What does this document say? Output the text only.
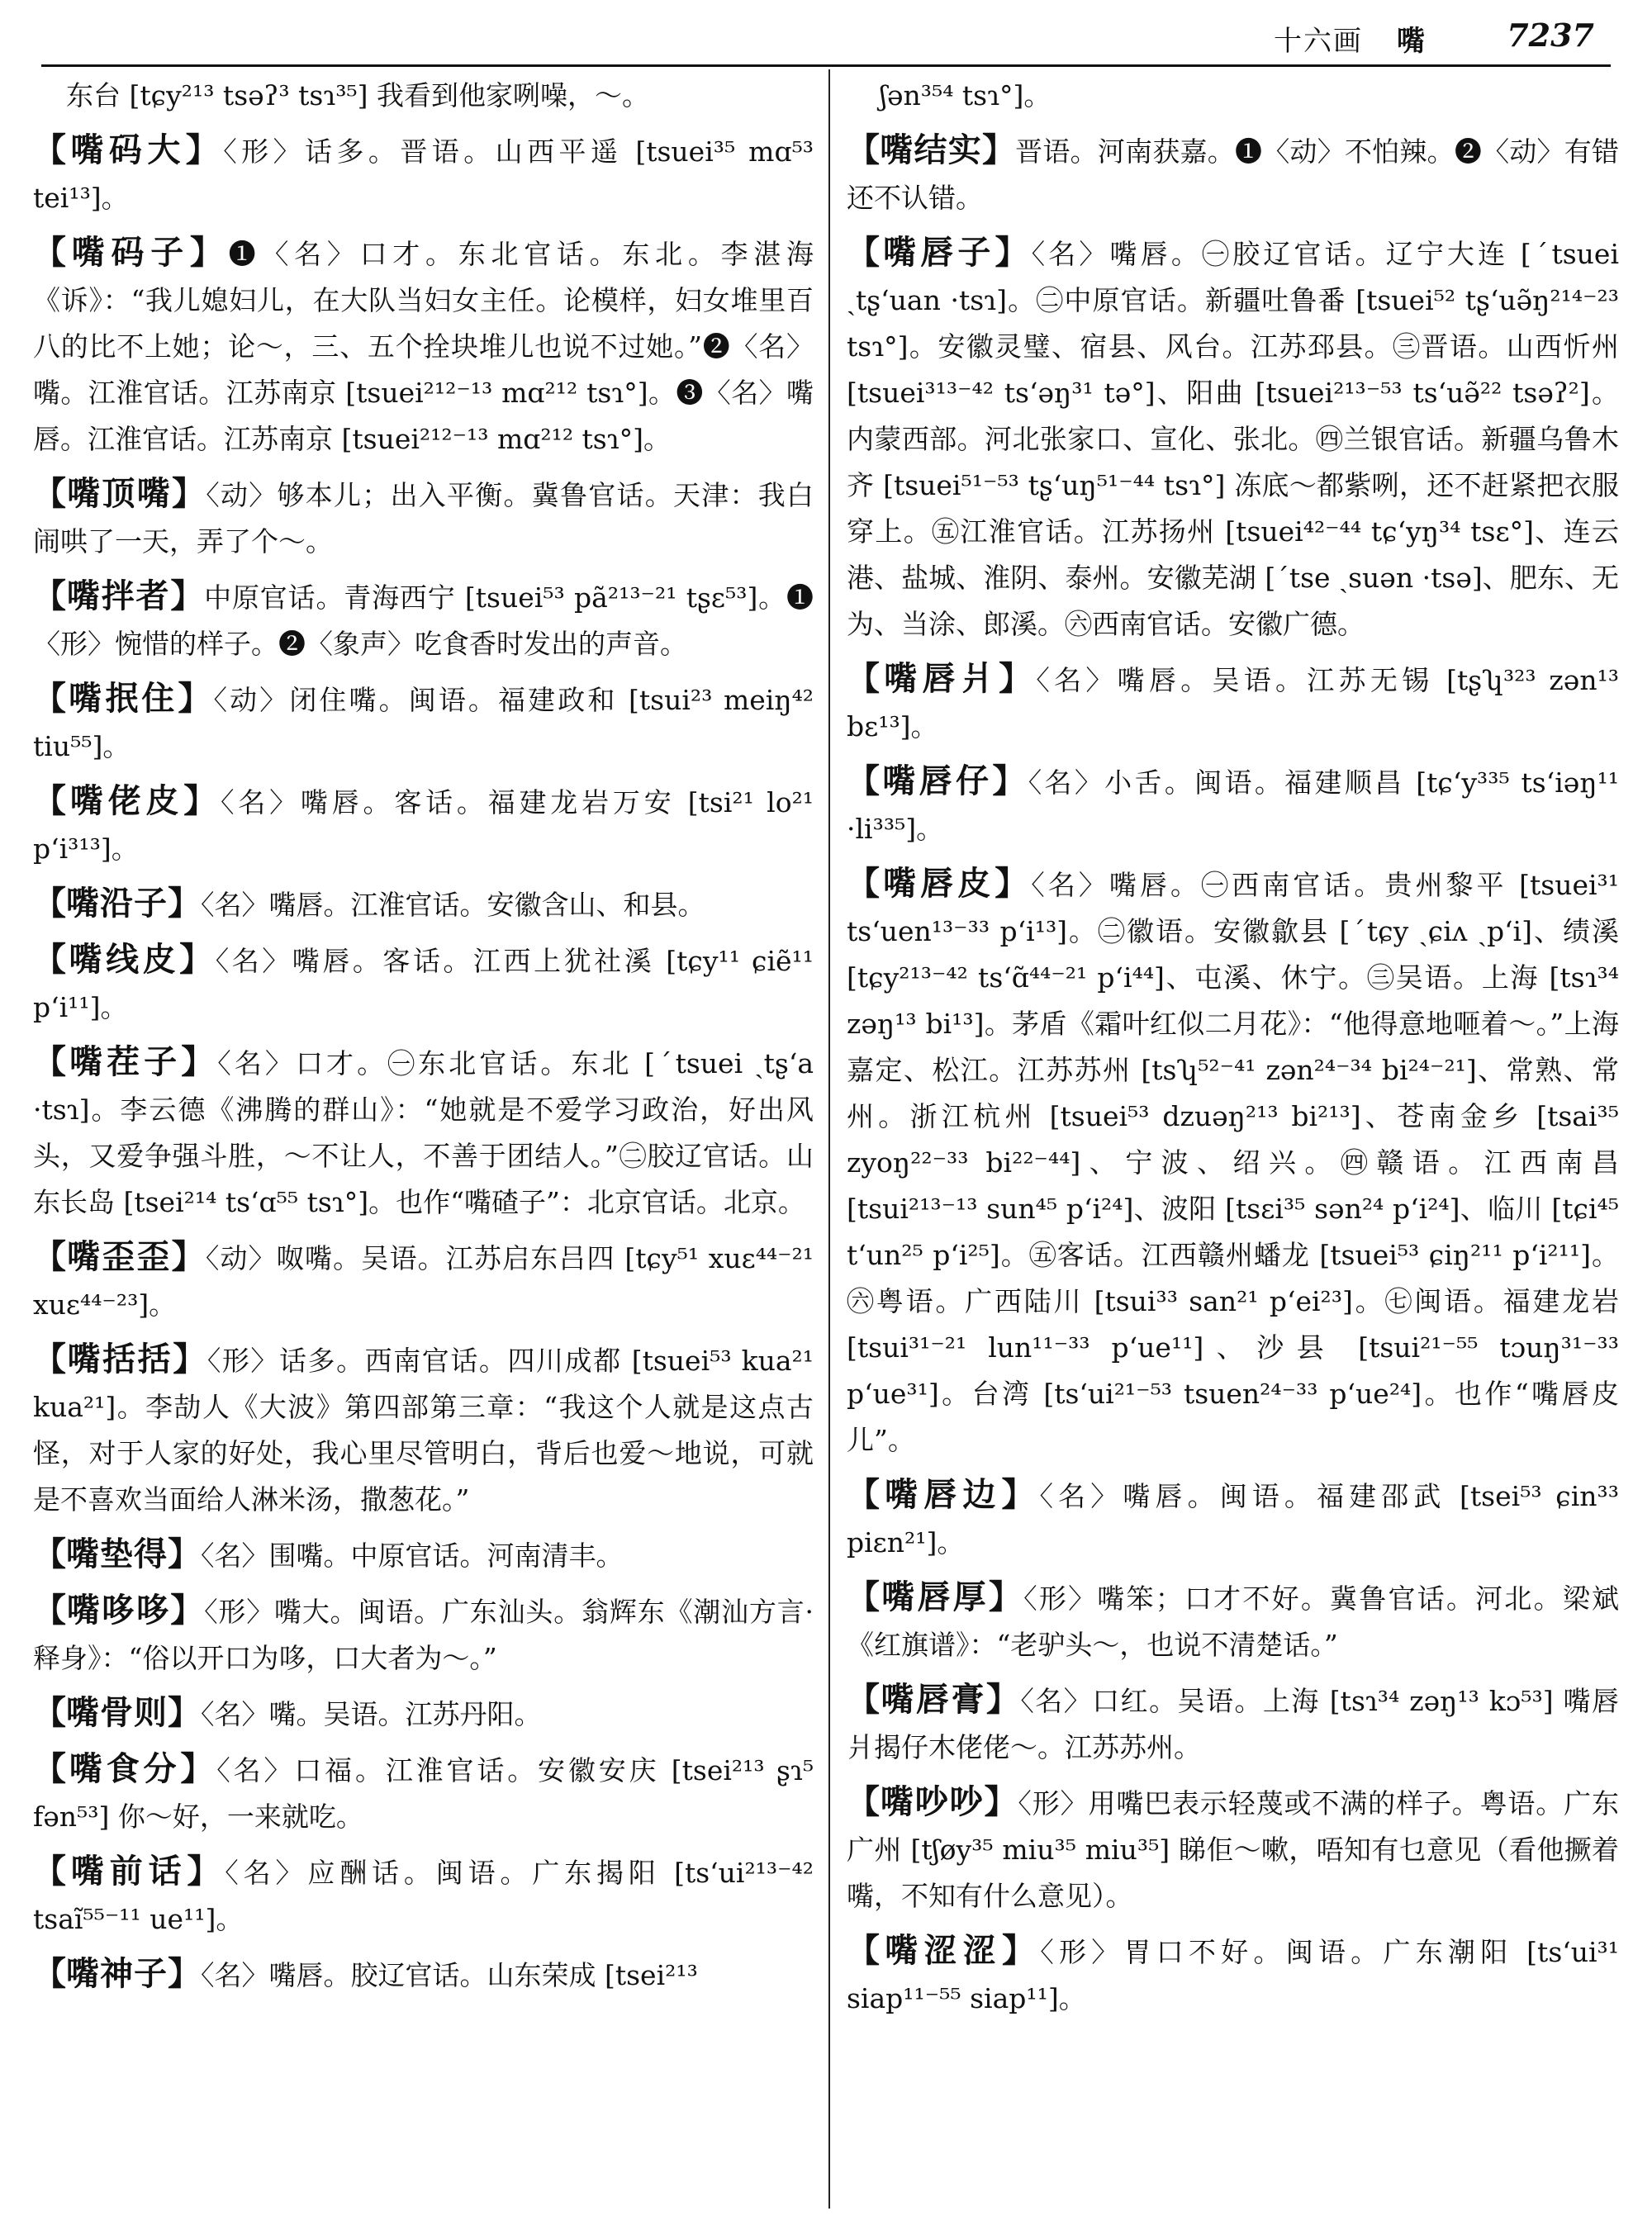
十六画 嘴	7237

东台 [tɕy²¹³ tsəʔ³ tsɿ³⁵] 我看到他家咧噪，～。

【嘴码大】〈形〉话多。晋语。山西平遥 [tsuei³⁵ mɑ⁵³ tei¹³]。

【嘴码子】❶〈名〉口才。东北官话。东北。李湛海《诉》：“我儿媳妇儿，在大队当妇女主任。论模样，妇女堆里百八的比不上她；论～，三、五个拴块堆儿也说不过她。”❷〈名〉嘴。江淮官话。江苏南京 [tsuei²¹²⁻¹³ mɑ²¹² tsɿ°]。❸〈名〉嘴唇。江淮官话。江苏南京 [tsuei²¹²⁻¹³ mɑ²¹² tsɿ°]。

【嘴顶嘴】〈动〉够本儿；出入平衡。冀鲁官话。天津：我白闹哄了一天，弄了个～。

【嘴拌者】中原官话。青海西宁 [tsuei⁵³ pã²¹³⁻²¹ tʂɛ⁵³]。❶〈形〉惋惜的样子。❷〈象声〉吃食香时发出的声音。

【嘴抿住】〈动〉闭住嘴。闽语。福建政和 [tsui²³ meiŋ⁴² tiu⁵⁵]。

【嘴佬皮】〈名〉嘴唇。客话。福建龙岩万安 [tsi²¹ lo²¹ pʻi³¹³]。

【嘴沿子】〈名〉嘴唇。江淮官话。安徽含山、和县。

【嘴线皮】〈名〉嘴唇。客话。江西上犹社溪 [tɕy¹¹ ɕiẽ¹¹ pʻi¹¹]。

【嘴茬子】〈名〉口才。㊀东北官话。东北 [ˊtsuei ˏtʂʻa ·tsɿ]。李云德《沸腾的群山》：“她就是不爱学习政治，好出风头，又爱争强斗胜，～不让人，不善于团结人。”㊁胶辽官话。山东长岛 [tsei²¹⁴ tsʻɑ⁵⁵ tsɿ°]。也作“嘴碴子”：北京官话。北京。

【嘴歪歪】〈动〉呶嘴。吴语。江苏启东吕四 [tɕy⁵¹ xuɛ⁴⁴⁻²¹ xuɛ⁴⁴⁻²³]。

【嘴括括】〈形〉话多。西南官话。四川成都 [tsuei⁵³ kua²¹ kua²¹]。李劼人《大波》第四部第三章：“我这个人就是这点古怪，对于人家的好处，我心里尽管明白，背后也爱～地说，可就是不喜欢当面给人淋米汤，撒葱花。”

【嘴垫得】〈名〉围嘴。中原官话。河南清丰。

【嘴哆哆】〈形〉嘴大。闽语。广东汕头。翁辉东《潮汕方言·释身》：“俗以开口为哆，口大者为～。”

【嘴骨则】〈名〉嘴。吴语。江苏丹阳。

【嘴食分】〈名〉口福。江淮官话。安徽安庆 [tsei²¹³ ʂɿ⁵ fən⁵³] 你～好，一来就吃。

【嘴前话】〈名〉应酬话。闽语。广东揭阳 [tsʻui²¹³⁻⁴² tsaĩ⁵⁵⁻¹¹ ue¹¹]。

【嘴神子】〈名〉嘴唇。胶辽官话。山东荣成 [tsei²¹³

ʃən³⁵⁴ tsɿ°]。

【嘴结实】晋语。河南获嘉。❶〈动〉不怕辣。❷〈动〉有错还不认错。

【嘴唇子】〈名〉嘴唇。㊀胶辽官话。辽宁大连 [ˊtsuei ˏtʂʻuan ·tsɿ]。㊁中原官话。新疆吐鲁番 [tsuei⁵² tʂʻuə̃ŋ²¹⁴⁻²³ tsɿ°]。安徽灵璧、宿县、风台。江苏邳县。㊂晋语。山西忻州 [tsuei³¹³⁻⁴² tsʻəŋ³¹ tə°]、阳曲 [tsuei²¹³⁻⁵³ tsʻuə̃²² tsəʔ²]。内蒙西部。河北张家口、宣化、张北。㊃兰银官话。新疆乌鲁木齐 [tsuei⁵¹⁻⁵³ tʂʻuŋ⁵¹⁻⁴⁴ tsɿ°] 冻底～都紫咧，还不赶紧把衣服穿上。㊄江淮官话。江苏扬州 [tsuei⁴²⁻⁴⁴ tɕʻyŋ³⁴ tsɛ°]、连云港、盐城、淮阴、泰州。安徽芜湖 [ˊtse ˏsuən ·tsə]、肥东、无为、当涂、郎溪。㊅西南官话。安徽广德。

【嘴唇爿】〈名〉嘴唇。吴语。江苏无锡 [tʂʮ³²³ zən¹³ bɛ¹³]。

【嘴唇仔】〈名〉小舌。闽语。福建顺昌 [tɕʻy³³⁵ tsʻiəŋ¹¹ ·li³³⁵]。

【嘴唇皮】〈名〉嘴唇。㊀西南官话。贵州黎平 [tsuei³¹ tsʻuen¹³⁻³³ pʻi¹³]。㊁徽语。安徽歙县 [ˊtɕy ˏɕiʌ ˏpʻi]、绩溪 [tɕy²¹³⁻⁴² tsʻɑ̃⁴⁴⁻²¹ pʻi⁴⁴]、屯溪、休宁。㊂吴语。上海 [tsɿ³⁴ zəŋ¹³ bi¹³]。茅盾《霜叶红似二月花》：“他得意地咂着～。”上海嘉定、松江。江苏苏州 [tsʮ⁵²⁻⁴¹ zən²⁴⁻³⁴ bi²⁴⁻²¹]、常熟、常州。浙江杭州 [tsuei⁵³ dzuəŋ²¹³ bi²¹³]、苍南金乡 [tsai³⁵ zyoŋ²²⁻³³ bi²²⁻⁴⁴]、宁波、绍兴。㊃赣语。江西南昌 [tsui²¹³⁻¹³ sun⁴⁵ pʻi²⁴]、波阳 [tsɛi³⁵ sən²⁴ pʻi²⁴]、临川 [tɕi⁴⁵ tʻun²⁵ pʻi²⁵]。㊄客话。江西赣州蟠龙 [tsuei⁵³ ɕiŋ²¹¹ pʻi²¹¹]。㊅粤语。广西陆川 [tsui³³ san²¹ pʻei²³]。㊆闽语。福建龙岩 [tsui³¹⁻²¹ lun¹¹⁻³³ pʻue¹¹]、沙县 [tsui²¹⁻⁵⁵ tɔuŋ³¹⁻³³ pʻue³¹]。台湾 [tsʻui²¹⁻⁵³ tsuen²⁴⁻³³ pʻue²⁴]。也作“嘴唇皮儿”。

【嘴唇边】〈名〉嘴唇。闽语。福建邵武 [tsei⁵³ ɕin³³ piɛn²¹]。

【嘴唇厚】〈形〉嘴笨；口才不好。冀鲁官话。河北。梁斌《红旗谱》：“老驴头～，也说不清楚话。”

【嘴唇膏】〈名〉口红。吴语。上海 [tsɿ³⁴ zəŋ¹³ kɔ⁵³] 嘴唇爿揭仔木佬佬～。江苏苏州。

【嘴吵吵】〈形〉用嘴巴表示轻蔑或不满的样子。粤语。广东广州 [tʃøy³⁵ miu³⁵ miu³⁵] 睇佢～嗽，唔知有乜意见（看他撅着嘴，不知有什么意见）。

【嘴涩涩】〈形〉胃口不好。闽语。广东潮阳 [tsʻui³¹ siap¹¹⁻⁵⁵ siap¹¹]。
